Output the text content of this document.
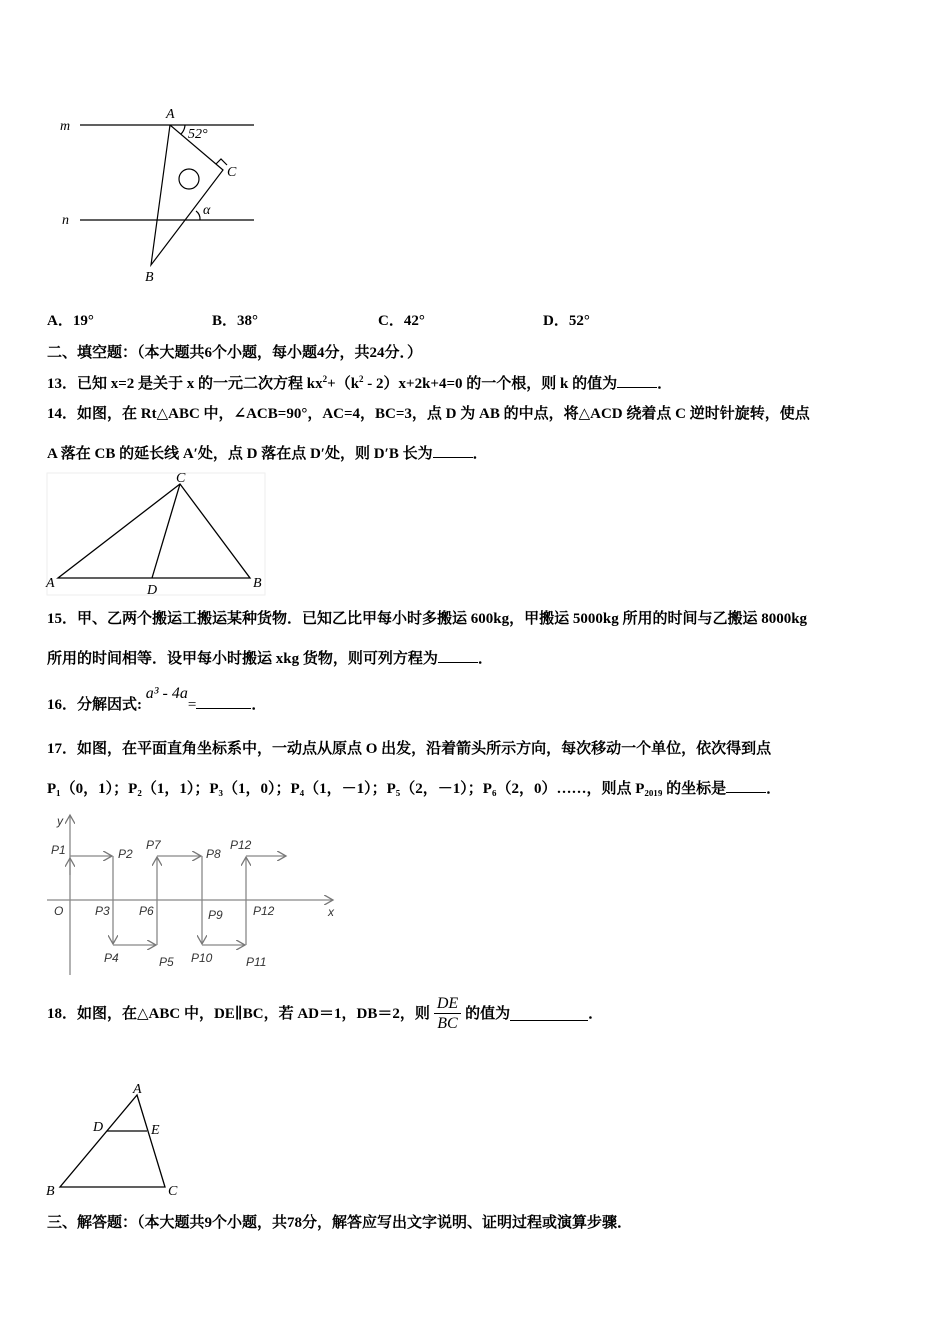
m
n
A
B
C
52°
α
A．19°	B．38°	C．42°	D．52°
二、填空题：（本大题共6个小题，每小题4分，共24分．）
13．已知 x=2 是关于 x 的一元二次方程 $kx^2+(k^2 - 2)x+2k+4=0$ 的一个根，则 k 的值为	．
14．如图，在 Rt△ABC 中，∠ACB=90°，AC=4，BC=3，点 D 为 AB 的中点，将△ACD 绕着点 C 逆时针旋转，使点
A 落在 CB 的延长线 A′处，点 D 落在点 D′处，则 D′B 长为	．
C
A	B
D
15．甲、乙两个搬运工搬运某种货物．已知乙比甲每小时多搬运 600kg，甲搬运 5000kg 所用的时间与乙搬运 8000kg
所用的时间相等．设甲每小时搬运 xkg 货物，则可列方程为	．
16．分解因式: a³ - 4a=	．
17．如图，在平面直角坐标系中，一动点从原点 O 出发，沿着箭头所示方向，每次移动一个单位，依次得到点
P₁（0，1）；P₂（1，1）；P₃（1，0）；P₄（1，－1）；P₅（2，－1）；P₆（2，0）……，则点 P₂₀₁₉ 的坐标是	．
y
x
O
P1	P2
P3
P4	P5
P6
P7
P8
P9
P10	P11
P12
P12
18．如图，在△ABC 中，DE∥BC，若 AD＝1，DB＝2，则 $\frac{DE}{BC}$ 的值为	．
A
D	E
B	C
三、解答题：（本大题共9个小题，共78分，解答应写出文字说明、证明过程或演算步骤．
